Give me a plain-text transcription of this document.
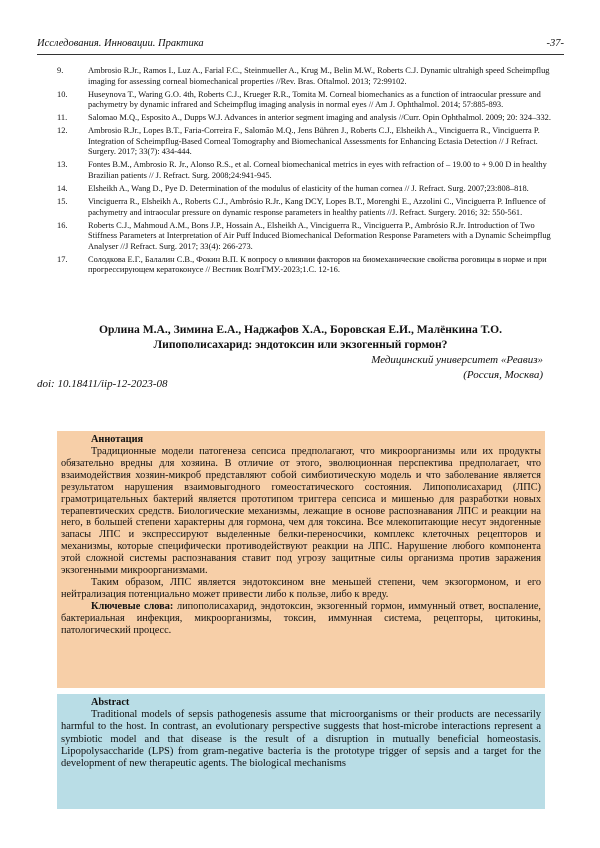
Исследования. Инновации. Практика	-37-
9.	Ambrosio R.Jr., Ramos I., Luz A., Faria‌l F.C., Steinmueller A., Krug M., Belin M.W., Roberts C.J. Dynamic ultrahigh speed Scheimpflug imaging for assessing corneal biomechanical properties //Rev. Bras. Oftalmol. 2013; 72:99102.
10. Huseynova T., Waring G.O. 4th, Roberts C.J., Krueger R.R., Tomita M. Corneal biomechanics as a function of intraocular pressure and pachymetry by dynamic infrared and Scheimpflug imaging analysis in normal eyes // Am J. Ophthalmol. 2014; 57:885-893.
11. Salomao M.Q., Esposito A., Dupps W.J. Advances in anterior segment imaging and analysis //Curr. Opin Ophthalmol. 2009; 20: 324–332.
12. Ambrosio R.Jr., Lopes B.T., Faria-Correira F., Salomão M.Q., Jens Bühren J., Roberts C.J., Elsheikh A., Vinciguerra R., Vinciguerra P. Integration of Scheimpflug-Based Corneal Tomography and Biomechanical Assessments for Enhancing Ectasia Detection // J Refract. Surgery. 2017; 33(7): 434-444.
13. Fontes B.M., Ambrosio R. Jr., Alonso R.S., et al. Corneal biomechanical metrics in eyes with refraction of – 19.00 to + 9.00 D in healthy Brazilian patients // J. Refract. Surg. 2008;24:941-945.
14. Elsheikh A., Wang D., Pye D. Determination of the modulus of elasticity of the human cornea // J. Refract. Surg. 2007;23:808–818.
15. Vinciguerra R., Elsheikh A., Roberts C.J., Ambrósio R.Jr., Kang DCY, Lopes B.T., Morenghi E., Azzolini C., Vinciguerra P. Influence of pachymetry and intraocular pressure on dynamic response parameters in healthy patients //J. Refract. Surgery. 2016; 32: 550-561.
16. Roberts C.J., Mahmoud A.M., Bons J.P., Hossain A., Elsheikh A., Vinciguerra R., Vinciguerra P., Ambrósio R.Jr. Introduction of Two Stiffness Parameters at Interpretation of Air Puff Induced Biomechanical Deformation Response Parameters with a Dynamic Scheimpflug Analyser //J Refract. Surg. 2017; 33(4): 266-273.
17. Солодкова Е.Г., Балалин С.В., Фокин В.П. К вопросу о влиянии факторов на биомеханические свойства роговицы в норме и при прогрессирующем кератоконусе // Вестник ВолгГМУ.-2023;1.С. 12-16.
Орлина М.А., Зимина Е.А., Наджафов Х.А., Боровская Е.И., Малёнкина Т.О.
Липополисахарид: эндотоксин или экзогенный гормон?
Медицинский университет «Реавиз»
(Россия, Москва)
doi: 10.18411/iip-12-2023-08
Аннотация

Традиционные модели патогенеза сепсиса предполагают, что микроорганизмы или их продукты обязательно вредны для хозяина. В отличие от этого, эволюционная перспектива предполагает, что взаимодействия хозяин-микроб представляют собой симбиотическую модель и что заболевание является результатом нарушения взаимовыгодного гомеостатического состояния. Липополисахарид (ЛПС) грамотрицательных бактерий является прототипом триггера сепсиса и мишенью для разработки новых терапевтических средств. Биологические механизмы, лежащие в основе распознавания ЛПС и реакции на него, в большей степени характерны для гормона, чем для токсина. Все млекопитающие несут эндогенные запасы ЛПС и экспрессируют выделенные белки-переносчики, комплекс клеточных рецепторов и механизмы, которые специфически противодействуют реакции на ЛПС. Нарушение любого компонента этой сложной системы распознавания ставит под угрозу защитные силы организма против заражения экзогенными микроорганизмами.

Таким образом, ЛПС является эндотоксином вне меньшей степени, чем экзогормоном, и его нейтрализация потенциально может привести либо к пользе, либо к вреду.

Ключевые слова: липополисахарид, эндотоксин, экзогенный гормон, иммунный ответ, воспаление, бактериальная инфекция, микроорганизмы, токсин, иммунная система, рецепторы, цитокины, патологический процесс.

Abstract

Traditional models of sepsis pathogenesis assume that microorganisms or their products are necessarily harmful to the host. In contrast, an evolutionary perspective suggests that host-microbe interactions represent a symbiotic model and that disease is the result of a disruption in mutually beneficial homeostasis. Lipopolysaccharide (LPS) from gram-negative bacteria is the prototype trigger of sepsis and a target for the development of new therapeutic agents. The biological mechanisms
